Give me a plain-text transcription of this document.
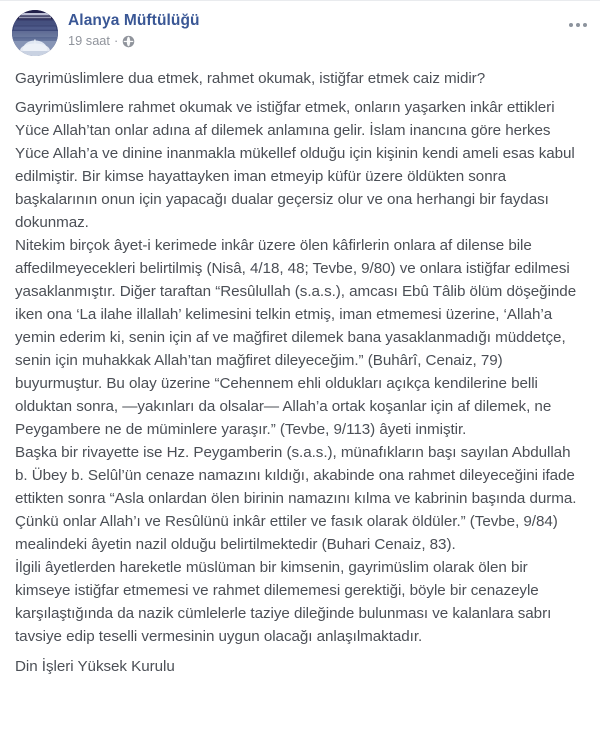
Alanya Müftülüğü
19 saat ·

Gayrimüslimlere dua etmek, rahmet okumak, istiğfar etmek caiz midir?

Gayrimüslimlere rahmet okumak ve istiğfar etmek, onların yaşarken inkâr ettikleri Yüce Allah’tan onlar adına af dilemek anlamına gelir. İslam inancına göre herkes Yüce Allah’a ve dinine inanmakla mükellef olduğu için kişinin kendi ameli esas kabul edilmiştir. Bir kimse hayattayken iman etmeyip küfür üzere öldükten sonra başkalarının onun için yapacağı dualar geçersiz olur ve ona herhangi bir faydası dokunmaz.

Nitekim birçok âyet-i kerimede inkâr üzere ölen kâfirlerin onlara af dilense bile affedilmeyecekleri belirtilmiş (Nisâ, 4/18, 48; Tevbe, 9/80) ve onlara istiğfar edilmesi yasaklanmıştır. Diğer taraftan “Resûlullah (s.a.s.), amcası Ebû Tâlib ölüm döşeğinde iken ona ‘La ilahe illallah’ kelimesini telkin etmiş, iman etmemesi üzerine, ‘Allah’a yemin ederim ki, senin için af ve mağfiret dilemek bana yasaklanmadığı müddetçe, senin için muhakkak Allah’tan mağfiret dileyeceğim.” (Buhârî, Cenaiz, 79) buyurmuştur. Bu olay üzerine “Cehennem ehli oldukları açıkça kendilerine belli olduktan sonra, —yakınları da olsalar— Allah’a ortak koşanlar için af dilemek, ne Peygambere ne de müminlere yaraşır.” (Tevbe, 9/113) âyeti inmiştir.

Başka bir rivayette ise Hz. Peygamberin (s.a.s.), münafıkların başı sayılan Abdullah b. Übey b. Selûl’ün cenaze namazını kıldığı, akabinde ona rahmet dileyeceğini ifade ettikten sonra “Asla onlardan ölen birinin namazını kılma ve kabrinin başında durma. Çünkü onlar Allah’ı ve Resûlünü inkâr ettiler ve fasık olarak öldüler.” (Tevbe, 9/84) mealindeki âyetin nazil olduğu belirtilmektedir (Buhari Cenaiz, 83).

İlgili âyetlerden hareketle müslüman bir kimsenin, gayrimüslim olarak ölen bir kimseye istiğfar etmemesi ve rahmet dilememesi gerektiği, böyle bir cenazeyle karşılaştığında da nazik cümlelerle taziye dileğinde bulunması ve kalanlara sabrı tavsiye edip teselli vermesinin uygun olacağı anlaşılmaktadır.

Din İşleri Yüksek Kurulu
